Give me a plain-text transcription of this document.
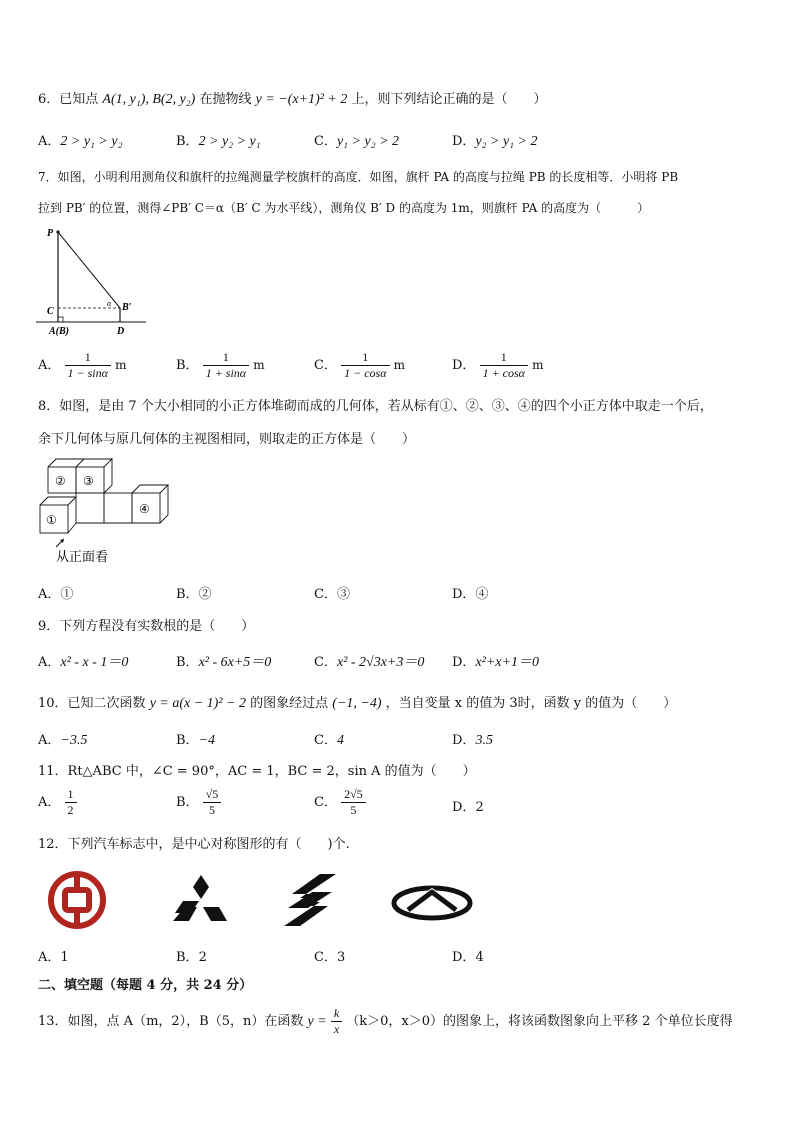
6．已知点 A(1, y₁), B(2, y₂) 在抛物线 y = −(x+1)² + 2 上，则下列结论正确的是（　　）
A．2 > y₁ > y₂	B．2 > y₂ > y₁	C．y₁ > y₂ > 2	D．y₂ > y₁ > 2
7．如图，小明利用测角仪和旗杆的拉绳测量学校旗杆的高度．如图，旗杆 PA 的高度与拉绳 PB 的长度相等．小明将 PB
拉到 PB′ 的位置，测得∠PB′ C＝α（B′ C 为水平线），测角仪 B′ D 的高度为 1m，则旗杆 PA 的高度为（　　　）
P
C
A(B)	D
B′
α
A． $\frac{1}{1 - \sin\alpha}$ m	B． $\frac{1}{1 + \sin\alpha}$ m	C． $\frac{1}{1 - \cos\alpha}$ m	D． $\frac{1}{1 + \cos\alpha}$ m
8．如图，是由 7 个大小相同的小正方体堆砌而成的几何体，若从标有①、②、③、④的四个小正方体中取走一个后，
余下几何体与原几何体的主视图相同，则取走的正方体是（　　）
② ③
①
④
从正面看
A．①	B．②	C．③	D．④
9．下列方程没有实数根的是（　　）
A．x² - x - 1＝0	B．x² - 6x+5＝0	C．x² - 2√3x+3＝0 D．x²+x+1＝0
10．已知二次函数 y = a(x − 1)² − 2 的图象经过点 (−1, −4) ，当自变量 x 的值为 3时，函数 y 的值为（　　）
A．−3.5	B．−4	C．4	D．3.5
11．Rt△ABC 中，∠C = 90°，AC = 1，BC = 2，sin A 的值为（　　）
A． $\frac{1}{2}$	B． $\frac{√5}{5}$	C． $\frac{2√5}{5}$	D．2
12．下列汽车标志中，是中心对称图形的有（　　)个.
A．1	B．2	C．3	D．4
二、填空题（每题 4 分，共 24 分）
13．如图，点 A（m，2），B（5，n）在函数 $y = \frac{k}{x} (k>0$，x＞0）的图象上，将该函数图象向上平移 2 个单位长度得
